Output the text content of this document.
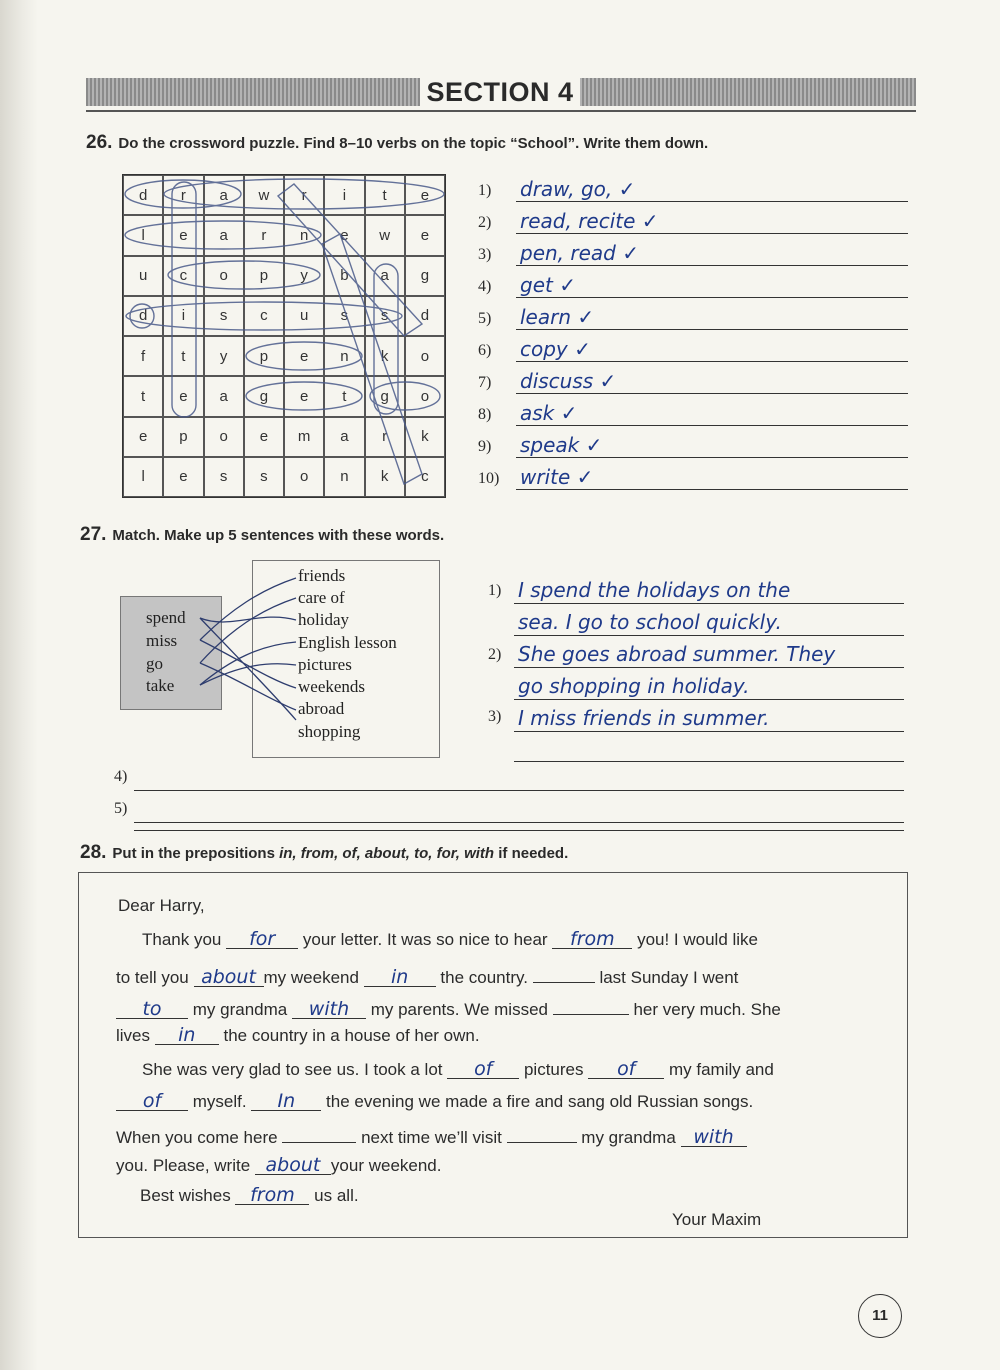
SECTION 4
26. Do the crossword puzzle. Find 8–10 verbs on the topic “School”. Write them down.
d	r	a	w	r	i	t	e
l	e	a	r	n	e	w	e
u	c	o	p	y	b	a	g
d	i	s	c	u	s	s	d
f	t	y	p	e	n	k	o
t	e	a	g	e	t	g	o
e	p	o	e	m	a	r	k
l	e	s	s	o	n	k	c
1) draw, go, ✓
2) read, recite ✓
3) pen, read ✓
4) get ✓
5) learn ✓
6) copy ✓
7) discuss ✓
8) ask ✓
9) speak ✓
10) write ✓
27. Match. Make up 5 sentences with these words.
spend
miss
go
take
friends
care of
holiday
English lesson
pictures
weekends
abroad
shopping
1) I spend the holidays on the
sea. I go to school quickly.
2) She goes abroad summer. They
go shopping in holiday.
3) I miss friends in summer.
4)
5)
28. Put in the prepositions in, from, of, about, to, for, with if needed.
Dear Harry,
Thank you for your letter. It was so nice to hear from you! I would like
to tell you about my weekend in the country.	last Sunday I went
to my grandma with my parents. We missed	her very much. She
lives in the country in a house of her own.
She was very glad to see us. I took a lot of pictures of my family and
of myself. In the evening we made a fire and sang old Russian songs.
When you come here	next time we’ll visit	my grandma with
you. Please, write about your weekend.
Best wishes from us all.
Your Maxim
11
